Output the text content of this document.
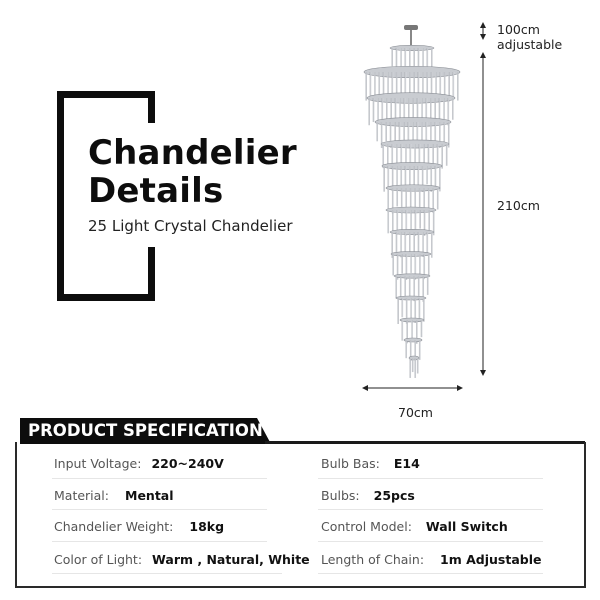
Chandelier
Details
25 Light Crystal Chandelier
100cm
adjustable
210cm
70cm
PRODUCT SPECIFICATION
Input Voltage: 220~240V
Material: Mental
Chandelier Weight: 18kg
Color of Light: Warm , Natural, White
Bulb Bas: E14
Bulbs: 25pcs
Control Model: Wall Switch
Length of Chain: 1m Adjustable
